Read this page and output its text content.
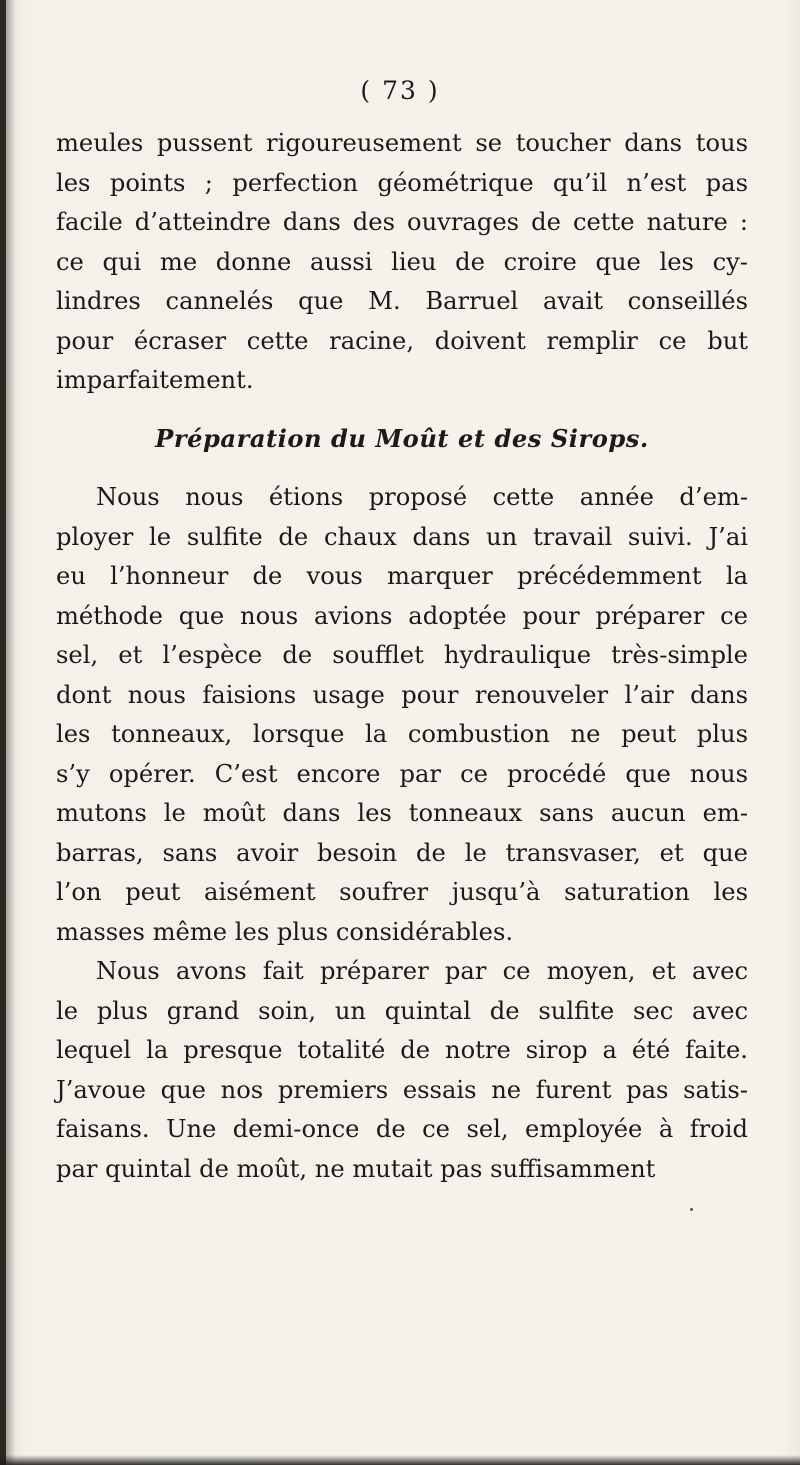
( 73 )
meules pussent rigoureusement se toucher dans tous
les points ; perfection géométrique qu’il n’est pas
facile d’atteindre dans des ouvrages de cette nature :
ce qui me donne aussi lieu de croire que les cy-
lindres cannelés que M. Barruel avait conseillés
pour écraser cette racine, doivent remplir ce but
imparfaitement.
Préparation du Moût et des Sirops.
Nous nous étions proposé cette année d’em-
ployer le sulfite de chaux dans un travail suivi. J’ai
eu l’honneur de vous marquer précédemment la
méthode que nous avions adoptée pour préparer ce
sel, et l’espèce de soufflet hydraulique très-simple
dont nous faisions usage pour renouveler l’air dans
les tonneaux, lorsque la combustion ne peut plus
s’y opérer. C’est encore par ce procédé que nous
mutons le moût dans les tonneaux sans aucun em-
barras, sans avoir besoin de le transvaser, et que
l’on peut aisément soufrer jusqu’à saturation les
masses même les plus considérables.
Nous avons fait préparer par ce moyen, et avec
le plus grand soin, un quintal de sulfite sec avec
lequel la presque totalité de notre sirop a été faite.
J’avoue que nos premiers essais ne furent pas satis-
faisans. Une demi-once de ce sel, employée à froid
par quintal de moût, ne mutait pas suffisamment
